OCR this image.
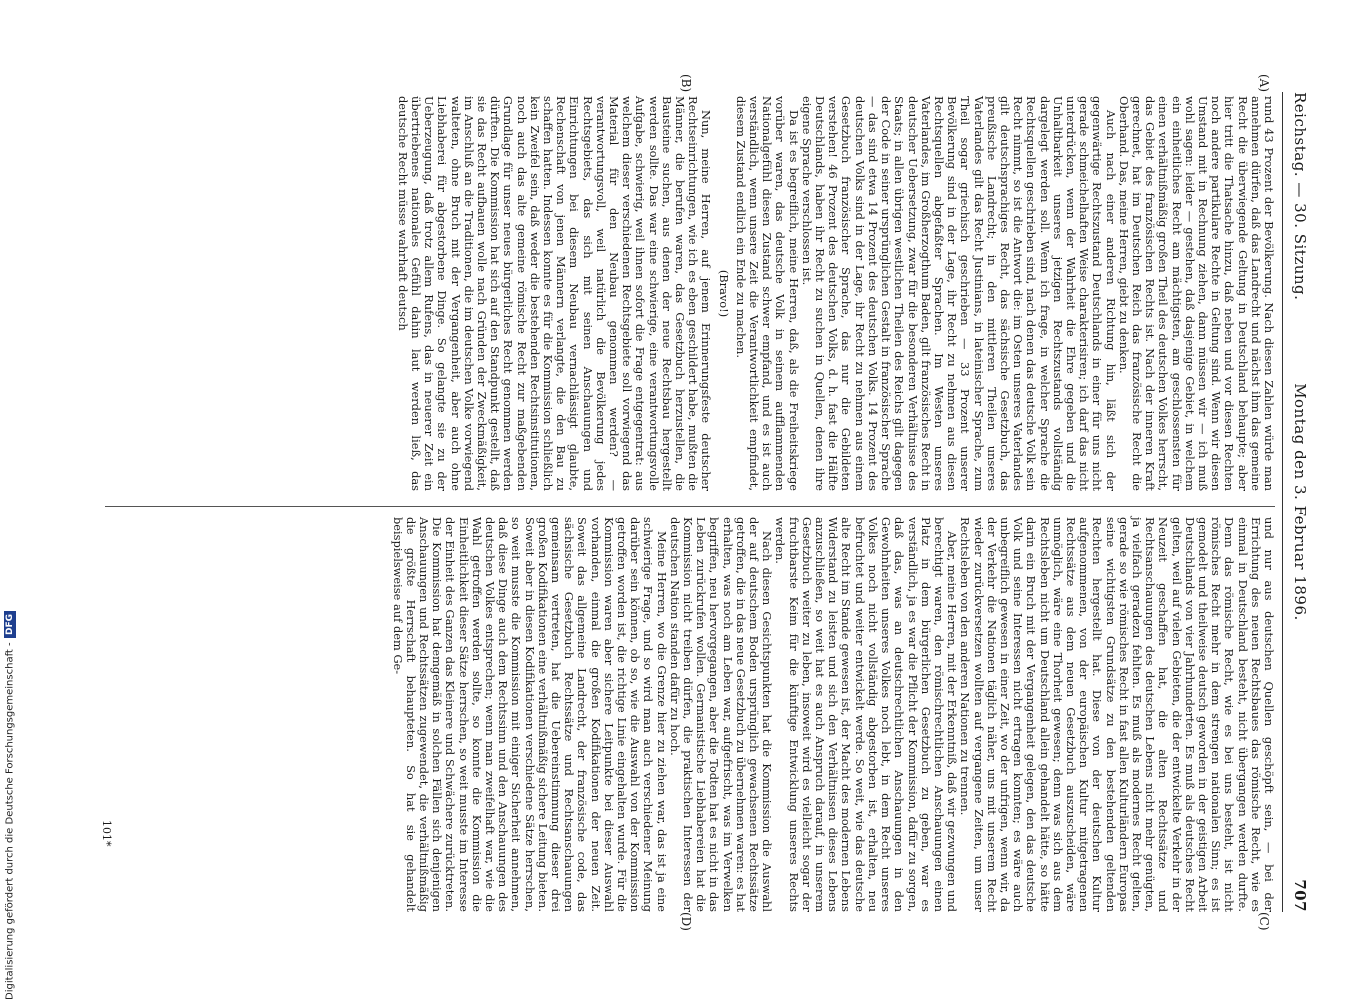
Reichstag. — 30. Sitzung.
Montag den 3. Februar 1896.
707
(A)
(B)
(C)
(D)

rund 43 Prozent der Bevölkerung. Nach diesen Zahlen würde man annehmen dürfen, daß das Landrecht und nächst ihm das gemeine Recht die überwiegende Geltung in Deutschland behaupte; aber hier tritt die Thatsache hinzu, daß neben und vor diesen Rechten noch andere partikulare Rechte in Geltung sind. Wenn wir diesen Umstand mit in Rechnung ziehen, dann müssen wir — ich muß wohl sagen: leider — gestehen, daß dasjenige Gebiet, in welchem ein einheitliches Recht am mächtigsten, am geschlossensten für einen verhältnißmäßig großen Theil des deutschen Volkes herrscht, das Gebiet des französischen Rechts ist. Nach der inneren Kraft gerechnet, hat im Deutschen Reich das französische Recht die Oberhand. Das, meine Herren, giebt zu denken.

Auch nach einer anderen Richtung hin, läßt sich der gegenwärtige Rechtszustand Deutschlands in einer für uns nicht gerade schmeichelhaften Weise charakterisiren; ich darf das nicht unterdrücken, wenn der Wahrheit die Ehre gegeben und die Unhaltbarkeit unseres jetzigen Rechtszustands vollständig dargelegt werden soll. Wenn ich frage, in welcher Sprache die Rechtsquellen geschrieben sind, nach denen das deutsche Volk sein Recht nimmt, so ist die Antwort die: im Osten unseres Vaterlandes gilt deutschsprachiges Recht, das sächsische Gesetzbuch, das preußische Landrecht; in den mittleren Theilen unseres Vaterlandes gilt das Recht Justinians, in lateinischer Sprache, zum Theil sogar griechisch geschrieben — 33 Prozent unserer Bevölkerung sind in der Lage, ihr Recht zu nehmen aus diesen Rechtsquellen abgefaßter Sprachen. Im Westen unseres Vaterlandes, im Großherzogthum Baden, gilt französisches Recht in deutscher Uebersetzung, zwar für die besonderen Verhältnisse des Staats; in allen übrigen westlichen Theilen des Reichs gilt dagegen der Code in seiner ursprünglichen Gestalt in französischer Sprache — das sind etwa 14 Prozent des deutschen Volks. 14 Prozent des deutschen Volks sind in der Lage, ihr Recht zu nehmen aus einem Gesetzbuch französischer Sprache, das nur die Gebildeten verstehen! 46 Prozent des deutschen Volks, d. h. fast die Hälfte Deutschlands, haben ihr Recht zu suchen in Quellen, denen ihre eigene Sprache verschlossen ist.

Da ist es begreiflich, meine Herren, daß, als die Freiheitskriege vorüber waren, das deutsche Volk in seinem aufflammenden Nationalgefühl diesen Zustand schwer empfand, und es ist auch verständlich, wenn unsere Zeit die Verantwortlichkeit empfindet, diesem Zustand endlich ein Ende zu machen.

(Bravo!)

Nun, meine Herren, auf jenem Erinnerungsfeste deutscher Rechtseinrichtungen, wie ich es eben geschildert habe, mußten die Männer, die berufen waren, das Gesetzbuch herzustellen, die Bausteine suchen, aus denen der neue Rechtsbau hergestellt werden sollte. Das war eine schwierige, eine verantwortungsvolle Aufgabe, schwierig, weil ihnen sofort die Frage entgegentrat: aus welchem dieser verschiedenen Rechtsgebiete soll vorwiegend das Material für den Neubau genommen werden? — verantwortungsvoll, weil natürlich die Bevölkerung jedes Rechtsgebiets, das sich mit seinen Anschauungen und Einrichtungen bei diesem Neubau vernachlässigt glaubte, Rechenschaft von jenen Männern verlangte, die den Bau zu schaffen hatten. Indessen konnte es für die Kommission schließlich kein Zweifel sein, daß weder die bestehenden Rechtsinstitutionen, noch auch das alte gemeine römische Recht zur maßgebenden Grundlage für unser neues bürgerliches Recht genommen werden dürften. Die Kommission hat sich auf den Standpunkt gestellt, daß sie das Recht aufbauen wolle nach Gründen der Zweckmäßigkeit, im Anschluß an die Traditionen, die im deutschen Volke vorwiegend walteten, ohne Bruch mit der Vergangenheit, aber auch ohne Liebhaberei für abgestorbene Dinge. So gelangte sie zu der Ueberzeugung, daß trotz allem Rufens, das in neuerer Zeit ein übertriebenes nationales Gefühl dahin laut werden ließ, das deutsche Recht müsse wahrhaft deutsch

und nur aus deutschen Quellen geschöpft sein, — bei der Errichtung des neuen Rechtsbaues das römische Recht, wie es einmal in Deutschland besteht, nicht übergangen werden durfte. Denn das römische Recht, wie es bei uns besteht, ist nicht römisches Recht mehr in dem strengen nationalen Sinn; es ist gemodelt und theilweise deutsch geworden in der geistigen Arbeit Deutschlands von vier Jahrhunderten. Es muß als deutsches Recht gelten, weil auf vielen Gebieten, die der entwickelte Verkehr in der Neuzeit geschaffen hat, die alten Rechtssätze und Rechtsanschauungen des deutschen Lebens nicht mehr genügten, ja vielfach geradezu fehlten. Es muß als modernes Recht gelten, gerade so wie römisches Recht in fast allen Kulturländern Europas seine wichtigsten Grundsätze zu den bestehenden geltenden Rechten hergestellt hat. Diese von der deutschen Kultur aufgenommenen, von der europäischen Kultur mitgetragenen Rechtssätze aus dem neuen Gesetzbuch auszuscheiden, wäre unmöglich, wäre eine Thorheit gewesen; denn was sich aus dem Rechtsleben nicht um Deutschland allein gehandelt hätte, so hätte darin ein Bruch mit der Vergangenheit gelegen, den das deutsche Volk und seine Interessen nicht ertragen konnten; es wäre auch unbegreiflich gewesen in einer Zeit, wo der unfrigen, wenn wir, da der Verkehr die Nationen täglich näher, uns mit unserem Recht wieder zurückversetzen wollten auf vergangene Zeiten, um unser Rechtsleben von den anderen Nationen zu trennen.

Aber, meine Herren, mit der Erkenntniß, daß wir gezwungen und berechtigt waren, den römischrechtlichen Anschauungen einen Platz in dem bürgerlichen Gesetzbuch zu geben, war es verständlich, ja es war die Pflicht der Kommission, dafür zu sorgen, daß das, was an deutschrechtlichen Anschauungen in den Gewohnheiten unseres Volkes noch lebt, in dem Recht unseres Volkes noch nicht vollständig abgestorben ist, erhalten, neu befruchtet und weiter entwickelt werde. So weit, wie das deutsche alte Recht im Stande gewesen ist, der Macht des modernen Lebens Widerstand zu leisten und sich den Verhältnissen dieses Lebens anzuschließen, so weit hat es auch Anspruch darauf, in unserem Gesetzbuch weiter zu leben, insoweit wird es vielleicht sogar der fruchtbarste Keim für die künftige Entwicklung unseres Rechts werden.

Nach diesen Gesichtspunkten hat die Kommission die Auswahl der auf deutschem Boden ursprünglich gewachsenen Rechtssätze getroffen, die in das neue Gesetzbuch zu übernehmen waren: es hat erhalten, was noch am Leben war, aufgefrischt, was im Verwelken begriffen, neu hervorgegangen, aber die Todten hat es nicht in das Leben zurückrufen wollen. Germanistische Liebhabereien hat die Kommission nicht treiben dürfen, die praktischen Interessen der deutschen Nation standen dafür zu hoch.

Meine Herren, wo die Grenze hier zu ziehen war, das ist ja eine schwierige Frage, und so wird man auch verschiedener Meinung darüber sein können, ob so, wie die Auswahl von der Kommission getroffen worden ist, die richtige Linie eingehalten wurde. Für die Kommission waren aber sichere Leitpunkte bei dieser Auswahl vorhanden, einmal die großen Kodifikationen der neuen Zeit. Soweit das allgemeine Landrecht, der französische code, das sächsische Gesetzbuch Rechtssätze und Rechtsanschauungen gemeinsam vertreten, hat die Uebereinstimmung dieser drei großen Kodifikationen eine verhältnißmäßig sichere Leitung bieten. Soweit aber in diesen Kodifikationen verschiedene Sätze herrschen, so weit musste die Kommission mit einiger Sicherheit annehmen, daß diese Dinge auch dem Rechtssinn und den Anschauungen des deutschen Volkes entsprechen; wenn man zweifelhaft war, wie die Wahl getroffen werden sollte, so konnte die Kommission die Einheitlichkeit dieser Sätze herrschen, so weit musste im Interesse der Einheit des Ganzen das Kleinere und Schwächere zurücktreten. Die Kommission hat demgemäß in solchen Fällen sich denjenigen Anschauungen und Rechtssätzen zugewendet, die verhältnißmäßig die größte Herrschaft behaupteten. So hat sie gehandelt beispielsweise auf dem Ge-

101*
Digitalisierung gefördert durch die Deutsche Forschungsgemeinschaft -
DFG
